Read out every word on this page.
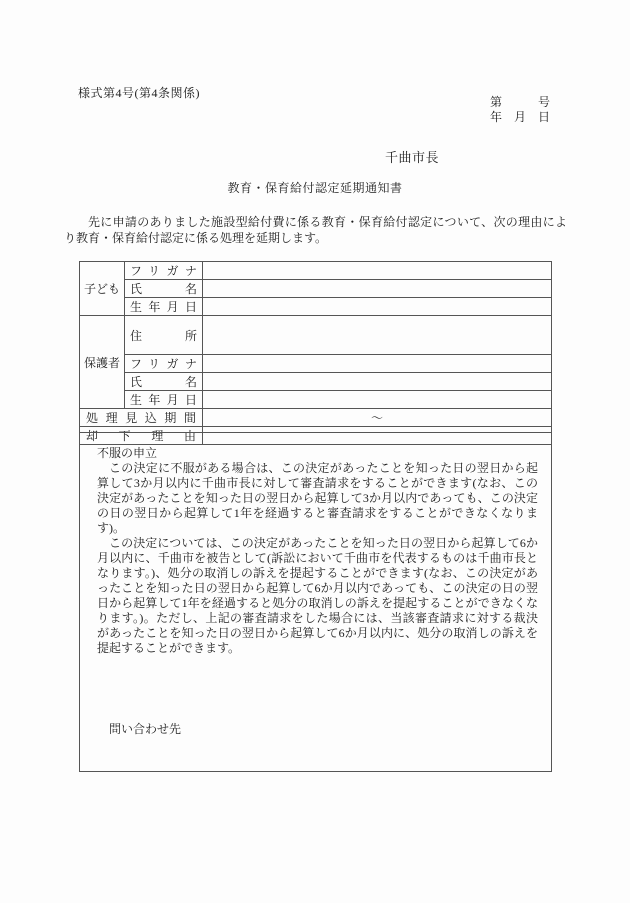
様式第4号(第4条関係)
第　　　号
年　月　日
千曲市長
教育・保育給付認定延期通知書

先に申請のありました施設型給付費に係る教育・保育給付認定について、次の理由により教育・保育給付認定に係る処理を延期します。

子ども	フリガナ	
	氏名	
	生年月日	
保護者	住所	
	フリガナ	
	氏名	
	生年月日	
処理見込期間		～
却下理由		
不服の申立

この決定に不服がある場合は、この決定があったことを知った日の翌日から起算して3か月以内に千曲市長に対して審査請求をすることができます(なお、この決定があったことを知った日の翌日から起算して3か月以内であっても、この決定の日の翌日から起算して1年を経過すると審査請求をすることができなくなります)。

この決定については、この決定があったことを知った日の翌日から起算して6か月以内に、千曲市を被告として(訴訟において千曲市を代表するものは千曲市長となります。)、処分の取消しの訴えを提起することができます(なお、この決定があったことを知った日の翌日から起算して6か月以内であっても、この決定の日の翌日から起算して1年を経過すると処分の取消しの訴えを提起することができなくなります。)。ただし、上記の審査請求をした場合には、当該審査請求に対する裁決があったことを知った日の翌日から起算して6か月以内に、処分の取消しの訴えを提起することができます。

問い合わせ先
